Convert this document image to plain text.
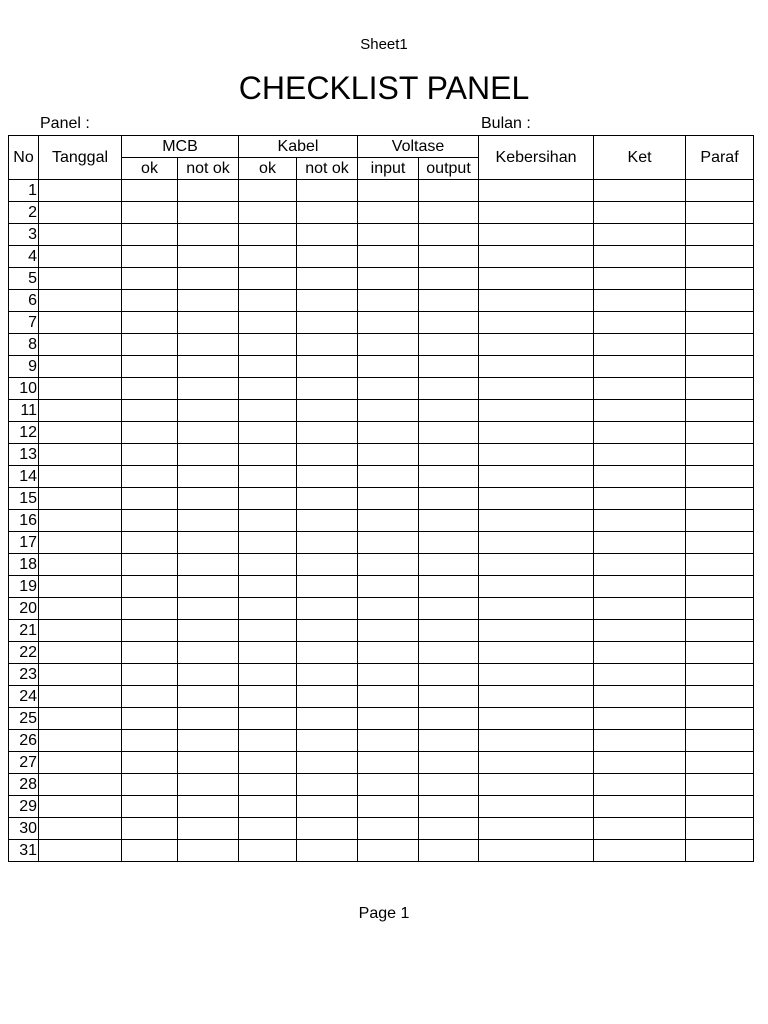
Sheet1
CHECKLIST PANEL
Panel :	Bulan :
No	Tanggal	MCB		Kabel		Voltase		Kebersihan	Ket	Paraf
		ok	not ok	ok	not ok	input	output			
1										
2										
3										
4										
5										
6										
7										
8										
9										
10										
11										
12										
13										
14										
15										
16										
17										
18										
19										
20										
21										
22										
23										
24										
25										
26										
27										
28										
29										
30										
31										
Page 1
